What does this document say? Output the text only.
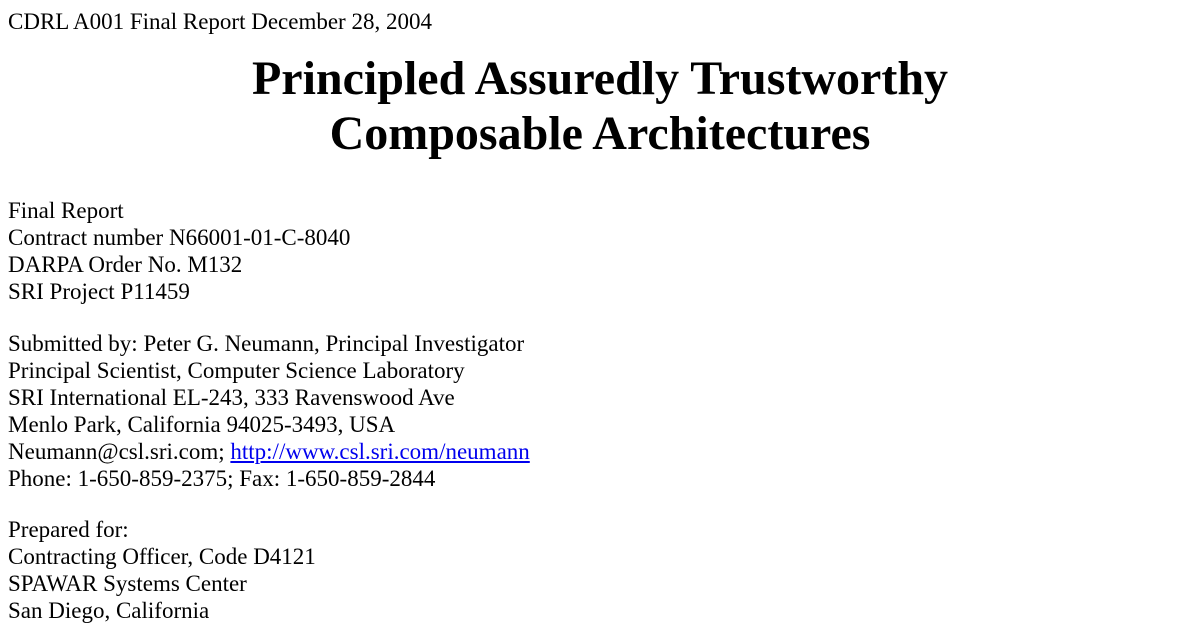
CDRL A001 Final Report December 28, 2004

Principled Assuredly Trustworthy
Composable Architectures
Final Report
Contract number N66001-01-C-8040
DARPA Order No. M132
SRI Project P11459
Submitted by: Peter G. Neumann, Principal Investigator
Principal Scientist, Computer Science Laboratory
SRI International EL-243, 333 Ravenswood Ave
Menlo Park, California 94025-3493, USA
Neumann@csl.sri.com; http://www.csl.sri.com/neumann
Phone: 1-650-859-2375; Fax: 1-650-859-2844
Prepared for:
Contracting Officer, Code D4121
SPAWAR Systems Center
San Diego, California
